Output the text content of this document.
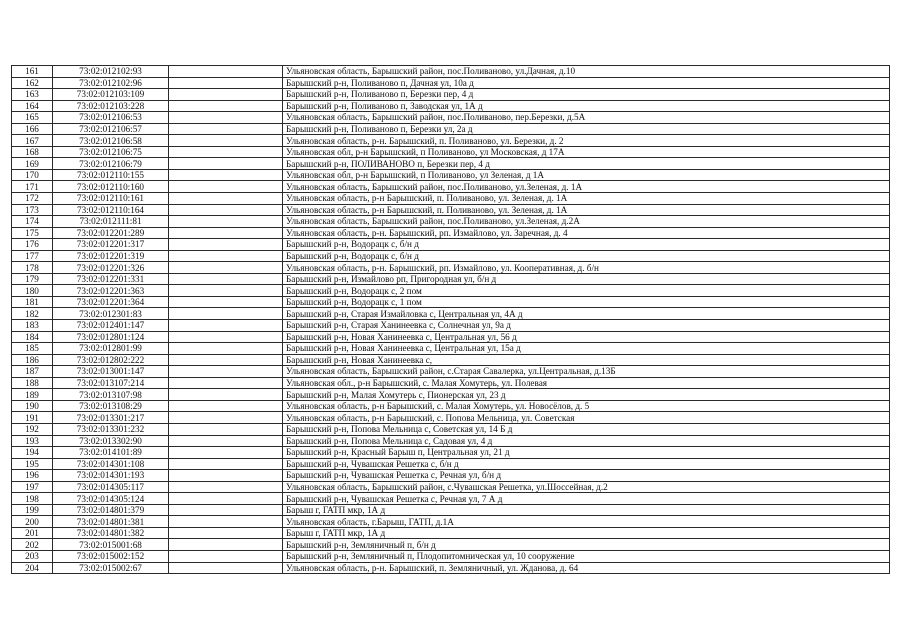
161	73:02:012102:93		Ульяновская область, Барышский район, пос.Поливаново, ул.Дачная, д.10
162	73:02:012102:96		Барышский р-н, Поливаново п, Дачная ул, 10а д
163	73:02:012103:109		Барышский р-н, Поливаново п, Березки пер, 4 д
164	73:02:012103:228		Барышский р-н, Поливаново п, Заводская ул, 1А д
165	73:02:012106:53		Ульяновская область, Барышский район, пос.Поливаново, пер.Березки, д.5А
166	73:02:012106:57		Барышский р-н, Поливаново п, Березки ул, 2а д
167	73:02:012106:58		Ульяновская область, р-н. Барышский, п. Поливаново, ул. Березки, д. 2
168	73:02:012106:75		Ульяновская обл, р-н Барышский, п Поливаново, ул Московская, д 17А
169	73:02:012106:79		Барышский р-н, ПОЛИВАНОВО п, Березки пер, 4 д
170	73:02:012110:155		Ульяновская обл, р-н Барышский, п Поливаново, ул Зеленая, д 1А
171	73:02:012110:160		Ульяновская область, Барышский район, пос.Поливаново, ул.Зеленая, д. 1А
172	73:02:012110:161		Ульяновская область, р-н Барышский, п. Поливаново, ул. Зеленая, д. 1А
173	73:02:012110:164		Ульяновская область, р-н Барышский, п. Поливаново, ул. Зеленая, д. 1А
174	73:02:012111:81		Ульяновская область, Барышский район, пос.Поливаново, ул.Зеленая, д.2А
175	73:02:012201:289		Ульяновская область, р-н. Барышский, рп. Измайлово, ул. Заречная, д. 4
176	73:02:012201:317		Барышский р-н, Водорацк с, б/н д
177	73:02:012201:319		Барышский р-н, Водорацк с, б/н д
178	73:02:012201:326		Ульяновская область, р-н. Барышский, рп. Измайлово, ул. Кооперативная, д. б/н
179	73:02:012201:331		Барышский р-н, Измайлово рп, Пригородная ул, б/н д
180	73:02:012201:363		Барышский р-н, Водорацк с, 2 пом
181	73:02:012201:364		Барышский р-н, Водорацк с, 1 пом
182	73:02:012301:83		Барышский р-н, Старая Измайловка с, Центральная ул, 4А д
183	73:02:012401:147		Барышский р-н, Старая Ханинеевка с, Солнечная ул, 9а д
184	73:02:012801:124		Барышский р-н, Новая Ханинеевка с, Центральная ул, 56 д
185	73:02:012801:99		Барышский р-н, Новая Ханинеевка с, Центральная ул, 15а д
186	73:02:012802:222		Барышский р-н, Новая Ханинеевка с,
187	73:02:013001:147		Ульяновская область, Барышский район, с.Старая Савалерка, ул.Центральная, д.13Б
188	73:02:013107:214		Ульяновская обл., р-н Барышский, с. Малая Хомутерь, ул. Полевая
189	73:02:013107:98		Барышский р-н, Малая Хомутерь с, Пионерская ул, 23 д
190	73:02:013108:29		Ульяновская область, р-н Барышский, с. Малая Хомутерь, ул. Новосёлов, д. 5
191	73:02:013301:217		Ульяновская область, р-н Барышский, с. Попова Мельница, ул. Советская
192	73:02:013301:232		Барышский р-н, Попова Мельница с, Советская ул, 14 Б д
193	73:02:013302:90		Барышский р-н, Попова Мельница с, Садовая ул, 4 д
194	73:02:014101:89		Барышский р-н, Красный Барыш п, Центральная ул, 21 д
195	73:02:014301:108		Барышский р-н, Чувашская Решетка с, б/н д
196	73:02:014301:193		Барышский р-н, Чувашская Решетка с, Речная ул, б/н д
197	73:02:014305:117		Ульяновская область, Барышский район, с.Чувашская Решетка, ул.Шоссейная, д.2
198	73:02:014305:124		Барышский р-н, Чувашская Решетка с, Речная ул, 7 А д
199	73:02:014801:379		Барыш г, ГАТП мкр, 1А д
200	73:02:014801:381		Ульяновская область, г.Барыш, ГАТП, д.1А
201	73:02:014801:382		Барыш г, ГАТП мкр, 1А д
202	73:02:015001:68		Барышский р-н, Земляничный п, б/н д
203	73:02:015002:152		Барышский р-н, Земляничный п, Плодопитомническая ул, 10 сооружение
204	73:02:015002:67		Ульяновская область, р-н. Барышский, п. Земляничный, ул. Жданова, д. 64
